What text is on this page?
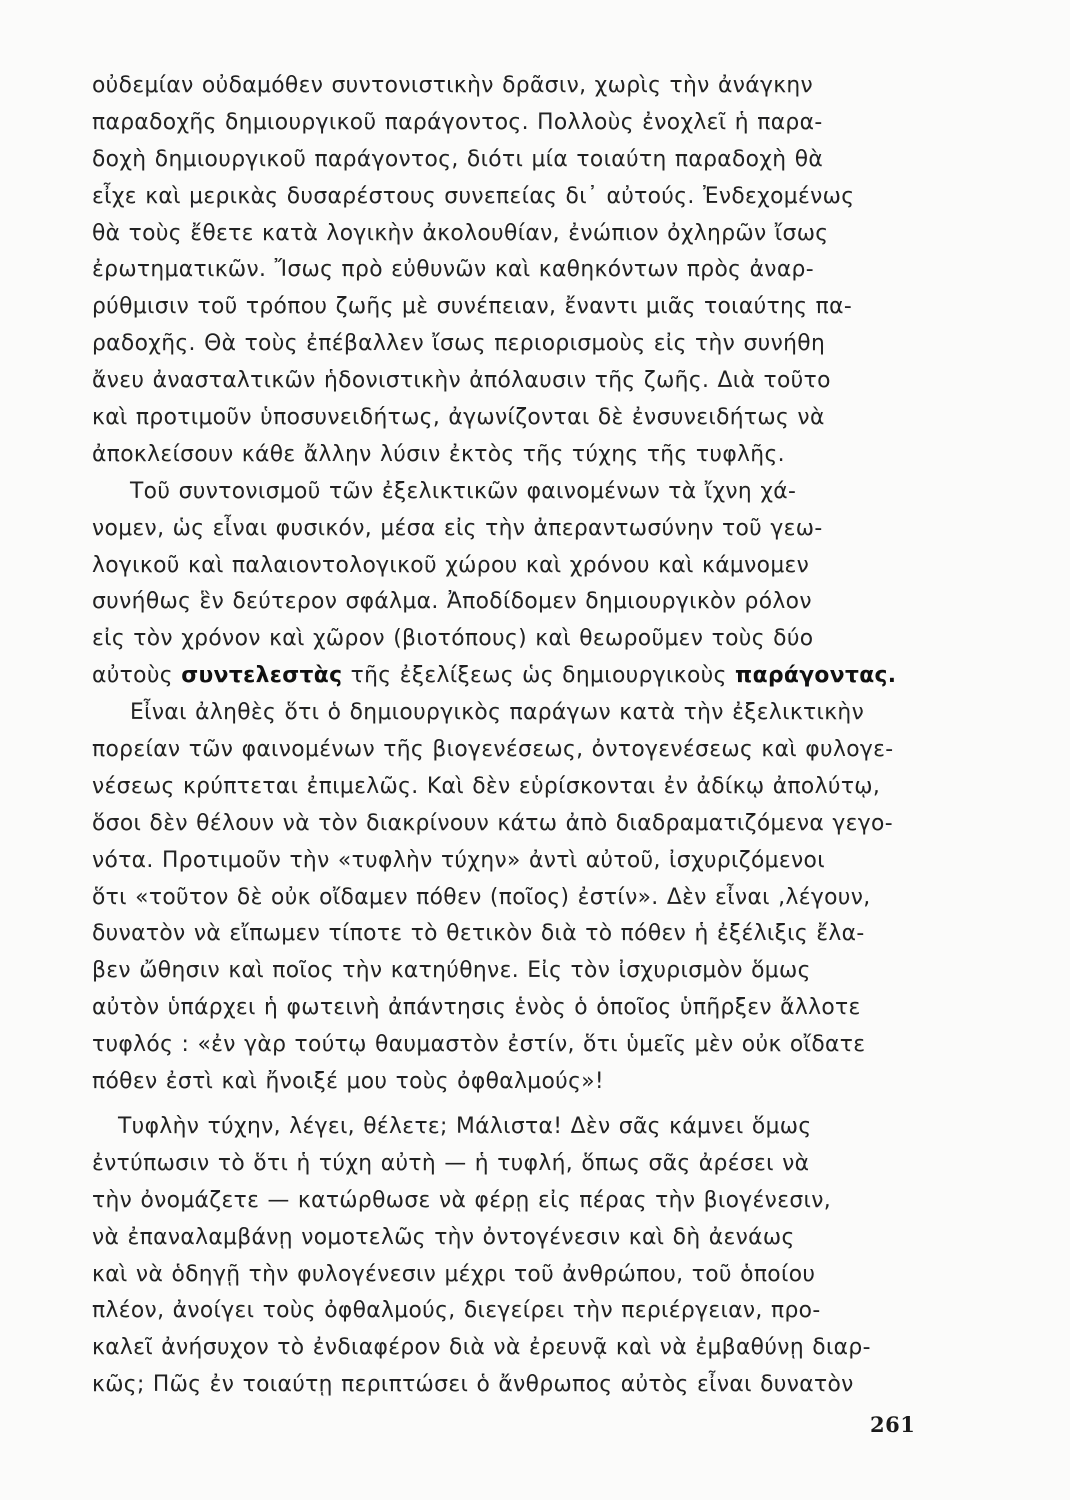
οὐδεμίαν οὐδαμόθεν συντονιστικὴν δρᾶσιν, χωρὶς τὴν ἀνάγκην
παραδοχῆς δημιουργικοῦ παράγοντος. Πολλοὺς ἐνοχλεῖ ἡ παρα-
δοχὴ δημιουργικοῦ παράγοντος, διότι μία τοιαύτη παραδοχὴ θὰ
εἶχε καὶ μερικὰς δυσαρέστους συνεπείας δι᾽ αὐτούς. Ἐνδεχομένως
θὰ τοὺς ἔθετε κατὰ λογικὴν ἀκολουθίαν, ἐνώπιον ὀχληρῶν ἴσως
ἐρωτηματικῶν. Ἴσως πρὸ εὐθυνῶν καὶ καθηκόντων πρὸς ἀναρ-
ρύθμισιν τοῦ τρόπου ζωῆς μὲ συνέπειαν, ἔναντι μιᾶς τοιαύτης πα-
ραδοχῆς. Θὰ τοὺς ἐπέβαλλεν ἴσως περιορισμοὺς εἰς τὴν συνήθη
ἄνευ ἀνασταλτικῶν ἡδονιστικὴν ἀπόλαυσιν τῆς ζωῆς. Διὰ τοῦτο
καὶ προτιμοῦν ὑποσυνειδήτως, ἀγωνίζονται δὲ ἐνσυνειδήτως νὰ
ἀποκλείσουν κάθε ἄλλην λύσιν ἐκτὸς τῆς τύχης τῆς τυφλῆς.
Τοῦ συντονισμοῦ τῶν ἐξελικτικῶν φαινομένων τὰ ἴχνη χά-
νομεν, ὡς εἶναι φυσικόν, μέσα εἰς τὴν ἀπεραντωσύνην τοῦ γεω-
λογικοῦ καὶ παλαιοντολογικοῦ χώρου καὶ χρόνου καὶ κάμνομεν
συνήθως ἓν δεύτερον σφάλμα. Ἀποδίδομεν δημιουργικὸν ρόλον
εἰς τὸν χρόνον καὶ χῶρον (βιοτόπους) καὶ θεωροῦμεν τοὺς δύο
αὐτοὺς συντελεστὰς τῆς ἐξελίξεως ὡς δημιουργικοὺς παράγοντας.
Εἶναι ἀληθὲς ὅτι ὁ δημιουργικὸς παράγων κατὰ τὴν ἐξελικτικὴν
πορείαν τῶν φαινομένων τῆς βιογενέσεως, ὀντογενέσεως καὶ φυλογε-
νέσεως κρύπτεται ἐπιμελῶς. Καὶ δὲν εὑρίσκονται ἐν ἀδίκῳ ἀπολύτῳ,
ὅσοι δὲν θέλουν νὰ τὸν διακρίνουν κάτω ἀπὸ διαδραματιζόμενα γεγο-
νότα. Προτιμοῦν τὴν «τυφλὴν τύχην» ἀντὶ αὐτοῦ, ἰσχυριζόμενοι
ὅτι «τοῦτον δὲ οὐκ οἴδαμεν πόθεν (ποῖος) ἐστίν». Δὲν εἶναι ,λέγουν,
δυνατὸν νὰ εἴπωμεν τίποτε τὸ θετικὸν διὰ τὸ πόθεν ἡ ἐξέλιξις ἔλα-
βεν ὤθησιν καὶ ποῖος τὴν κατηύθηνε. Εἰς τὸν ἰσχυρισμὸν ὅμως
αὐτὸν ὑπάρχει ἡ φωτεινὴ ἀπάντησις ἑνὸς ὁ ὁποῖος ὑπῆρξεν ἄλλοτε
τυφλός : «ἐν γὰρ τούτῳ θαυμαστὸν ἐστίν, ὅτι ὑμεῖς μὲν οὐκ οἴδατε
πόθεν ἐστὶ καὶ ἤνοιξέ μου τοὺς ὀφθαλμούς»!
Τυφλὴν τύχην, λέγει, θέλετε; Μάλιστα! Δὲν σᾶς κάμνει ὅμως
ἐντύπωσιν τὸ ὅτι ἡ τύχη αὐτὴ — ἡ τυφλή, ὅπως σᾶς ἀρέσει νὰ
τὴν ὀνομάζετε — κατώρθωσε νὰ φέρῃ εἰς πέρας τὴν βιογένεσιν,
νὰ ἐπαναλαμβάνῃ νομοτελῶς τὴν ὀντογένεσιν καὶ δὴ ἀενάως
καὶ νὰ ὁδηγῇ τὴν φυλογένεσιν μέχρι τοῦ ἀνθρώπου, τοῦ ὁποίου
πλέον, ἀνοίγει τοὺς ὀφθαλμούς, διεγείρει τὴν περιέργειαν, προ-
καλεῖ ἀνήσυχον τὸ ἐνδιαφέρον διὰ νὰ ἐρευνᾷ καὶ νὰ ἐμβαθύνῃ διαρ-
κῶς; Πῶς ἐν τοιαύτῃ περιπτώσει ὁ ἄνθρωπος αὐτὸς εἶναι δυνατὸν
261
